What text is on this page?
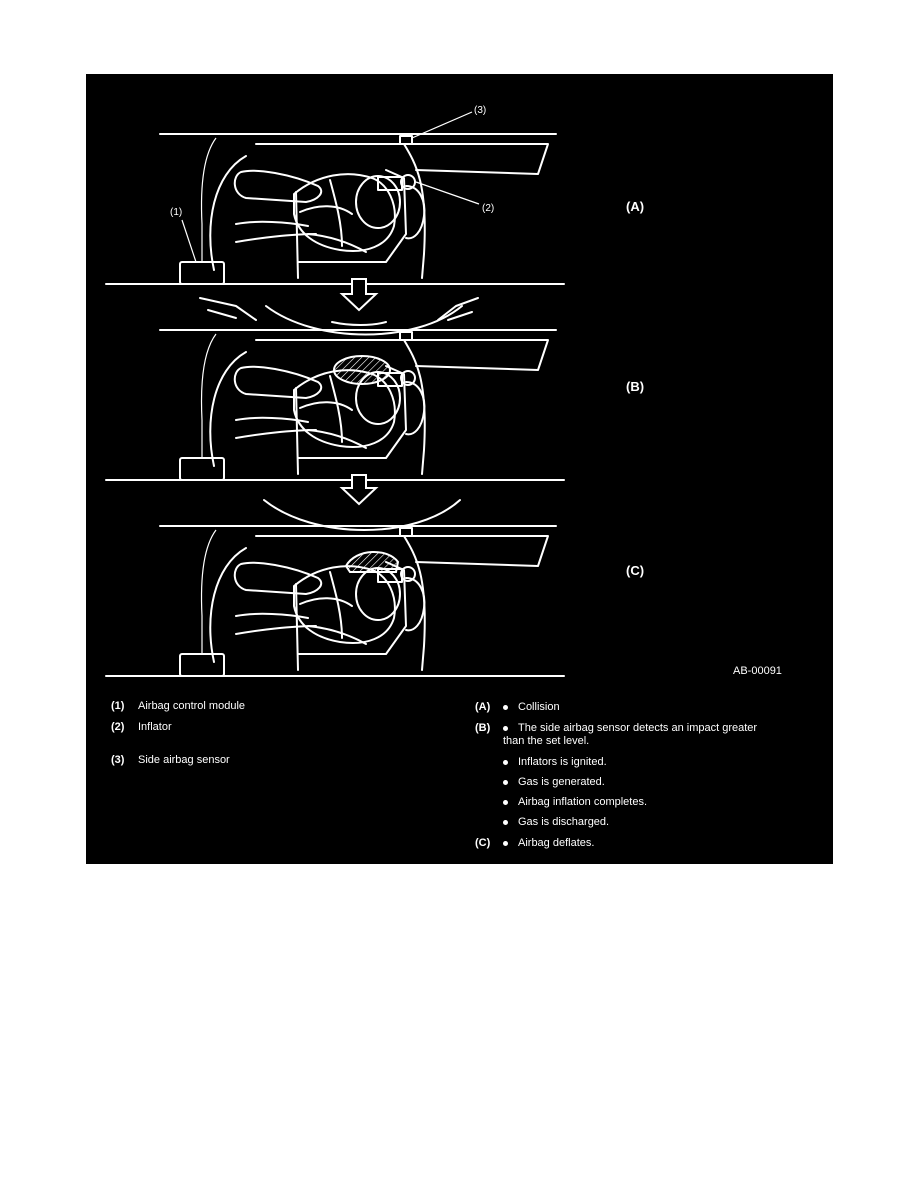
(3)
(2)
(1)	(A)
(B)
(C)
AB-00091
(1) Airbag control module
(2) Inflator
(3) Side airbag sensor
(A)	Collision
(B)	The side airbag sensor detects an impact greater
than the set level.
Inflators is ignited.
Gas is generated.
Airbag inflation completes.
Gas is discharged.
(C)	Airbag deflates.
